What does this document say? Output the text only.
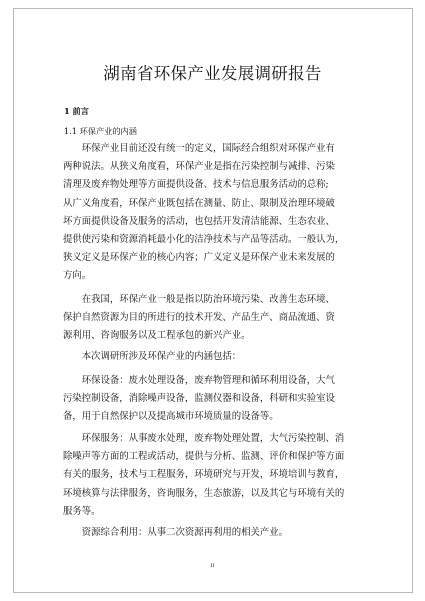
湖南省环保产业发展调研报告
1 前言
1.1 环保产业的内涵
　　环保产业目前还没有统一的定义，国际经合组织对环保产业有
两种说法。从狭义角度看，环保产业是指在污染控制与减排、污染
清理及废弃物处理等方面提供设备、技术与信息服务活动的总称;
从广义角度看，环保产业既包括在测量、防止、限制及治理环境破
坏方面提供设备及服务的活动，也包括开发清洁能源、生态农业、
提供使污染和资源消耗最小化的洁净技术与产品等活动。一般认为，
狭义定义是环保产业的核心内容；广义定义是环保产业未来发展的
方向。
　　在我国，环保产业一般是指以防治环境污染、改善生态环境、
保护自然资源为目的所进行的技术开发、产品生产、商品流通、资
源利用、咨询服务以及工程承包的新兴产业。
　　本次调研所涉及环保产业的内涵包括：
　　环保设备：废水处理设备，废弃物管理和循环利用设备，大气
污染控制设备，消除噪声设备，监测仪器和设备，科研和实验室设
备，用于自然保护以及提高城市环境质量的设备等。
　　环保服务：从事废水处理，废弃物处理处置，大气污染控制、消
除噪声等方面的工程或活动，提供与分析、监测、评价和保护等方面
有关的服务，技术与工程服务，环境研究与开发，环境培训与教育，
环境核算与法律服务，咨询服务，生态旅游，以及其它与环境有关的
服务等。
　　资源综合利用：从事二次资源再利用的相关产业。
II
